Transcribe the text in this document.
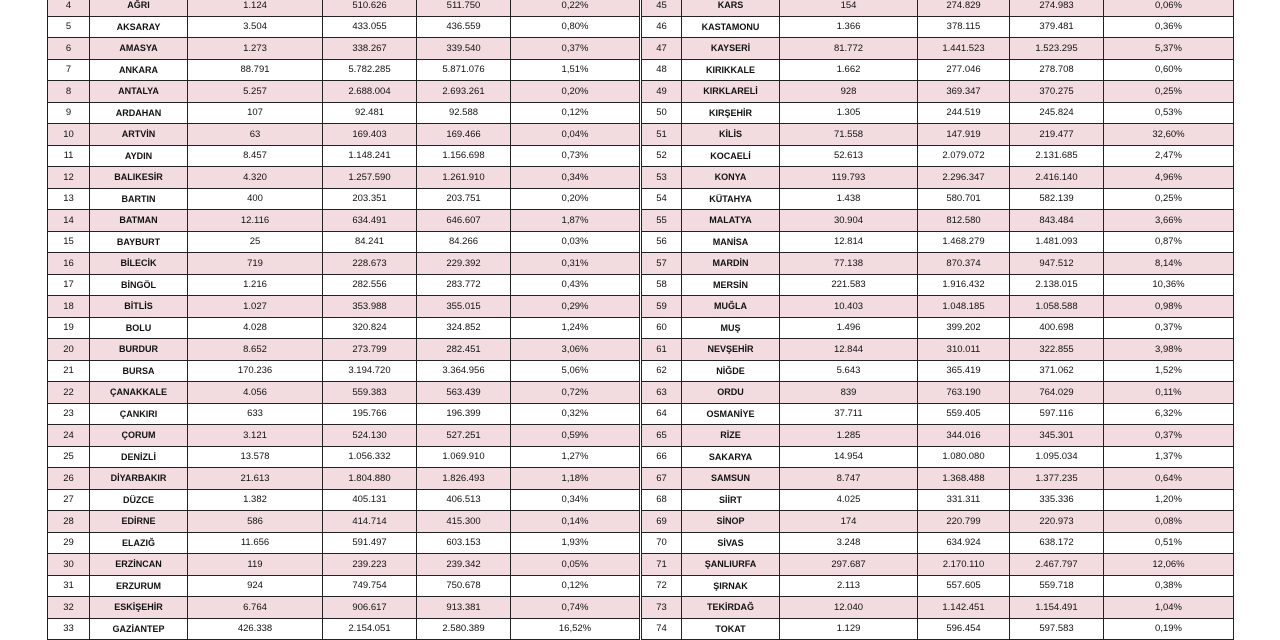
4	AĞRI	1.124	510.626	511.750	0,22%
5	AKSARAY	3.504	433.055	436.559	0,80%
6	AMASYA	1.273	338.267	339.540	0,37%
7	ANKARA	88.791	5.782.285	5.871.076	1,51%
8	ANTALYA	5.257	2.688.004	2.693.261	0,20%
9	ARDAHAN	107	92.481	92.588	0,12%
10	ARTVİN	63	169.403	169.466	0,04%
11	AYDIN	8.457	1.148.241	1.156.698	0,73%
12	BALIKESİR	4.320	1.257.590	1.261.910	0,34%
13	BARTIN	400	203.351	203.751	0,20%
14	BATMAN	12.116	634.491	646.607	1,87%
15	BAYBURT	25	84.241	84.266	0,03%
16	BİLECİK	719	228.673	229.392	0,31%
17	BİNGÖL	1.216	282.556	283.772	0,43%
18	BİTLİS	1.027	353.988	355.015	0,29%
19	BOLU	4.028	320.824	324.852	1,24%
20	BURDUR	8.652	273.799	282.451	3,06%
21	BURSA	170.236	3.194.720	3.364.956	5,06%
22	ÇANAKKALE	4.056	559.383	563.439	0,72%
23	ÇANKIRI	633	195.766	196.399	0,32%
24	ÇORUM	3.121	524.130	527.251	0,59%
25	DENİZLİ	13.578	1.056.332	1.069.910	1,27%
26	DİYARBAKIR	21.613	1.804.880	1.826.493	1,18%
27	DÜZCE	1.382	405.131	406.513	0,34%
28	EDİRNE	586	414.714	415.300	0,14%
29	ELAZIĞ	11.656	591.497	603.153	1,93%
30	ERZİNCAN	119	239.223	239.342	0,05%
31	ERZURUM	924	749.754	750.678	0,12%
32	ESKİŞEHİR	6.764	906.617	913.381	0,74%
33	GAZİANTEP	426.338	2.154.051	2.580.389	16,52%
45	KARS	154	274.829	274.983	0,06%
46	KASTAMONU	1.366	378.115	379.481	0,36%
47	KAYSERİ	81.772	1.441.523	1.523.295	5,37%
48	KIRIKKALE	1.662	277.046	278.708	0,60%
49	KIRKLARELİ	928	369.347	370.275	0,25%
50	KIRŞEHİR	1.305	244.519	245.824	0,53%
51	KİLİS	71.558	147.919	219.477	32,60%
52	KOCAELİ	52.613	2.079.072	2.131.685	2,47%
53	KONYA	119.793	2.296.347	2.416.140	4,96%
54	KÜTAHYA	1.438	580.701	582.139	0,25%
55	MALATYA	30.904	812.580	843.484	3,66%
56	MANİSA	12.814	1.468.279	1.481.093	0,87%
57	MARDİN	77.138	870.374	947.512	8,14%
58	MERSİN	221.583	1.916.432	2.138.015	10,36%
59	MUĞLA	10.403	1.048.185	1.058.588	0,98%
60	MUŞ	1.496	399.202	400.698	0,37%
61	NEVŞEHİR	12.844	310.011	322.855	3,98%
62	NİĞDE	5.643	365.419	371.062	1,52%
63	ORDU	839	763.190	764.029	0,11%
64	OSMANİYE	37.711	559.405	597.116	6,32%
65	RİZE	1.285	344.016	345.301	0,37%
66	SAKARYA	14.954	1.080.080	1.095.034	1,37%
67	SAMSUN	8.747	1.368.488	1.377.235	0,64%
68	SİİRT	4.025	331.311	335.336	1,20%
69	SİNOP	174	220.799	220.973	0,08%
70	SİVAS	3.248	634.924	638.172	0,51%
71	ŞANLIURFA	297.687	2.170.110	2.467.797	12,06%
72	ŞIRNAK	2.113	557.605	559.718	0,38%
73	TEKİRDAĞ	12.040	1.142.451	1.154.491	1,04%
74	TOKAT	1.129	596.454	597.583	0,19%
